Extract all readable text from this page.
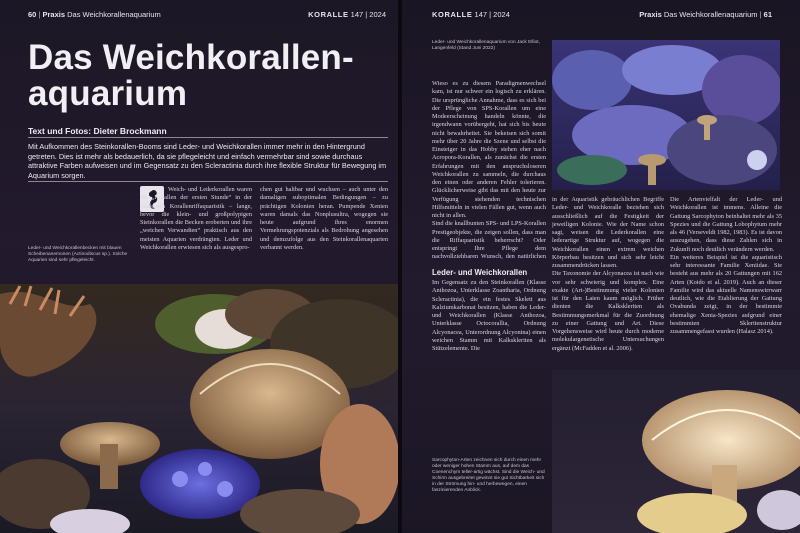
60 | Praxis Das Weichkorallenaquarium	KORALLE 147 | 2024
Das Weichkorallen-
aquarium
Text und Fotos: Dieter Brockmann
Mit Aufkommen des Steinkorallen-Booms sind Leder- und Weichkorallen immer mehr in den Hintergrund getreten. Dies ist mehr als bedauerlich, da sie pflegeleicht und einfach vermehrbar sind sowie durchaus attraktive Farben aufweisen und im Gegensatz zu den Scleractinia durch ihre flexible Struktur für Bewegung im Aquarium sorgen.
Leder- und Weichkorallenbecken mit blauen Scheibenanemonen (Actinodiscus sp.). Solche Aquarien sind sehr pflegeleicht.
Weich- und Lederkorallen waren die „Korallen der ersten Stunde“ in der modernen Korallenriffaquaristik – lange, bevor die klein- und großpolypigen Steinkorallen die Becken eroberten und ihre „weichen Verwandten“ praktisch aus den meisten Aquarien verdrängten. Leder und Weichkorallen erwiesen sich als ausgespro-
chen gut haltbar und wuchsen – auch unter den damaligen suboptimalen Bedingungen – zu prächtigen Kolonien heran. Pumpende Xenien waren damals das Nonplusultra, wogegen sie heute aufgrund ihres enormen Vermehrungspotenzials als Bedrohung angesehen und demzufolge aus den Steinkorallenaquarien verbannt werden.
KORALLE 147 | 2024	Praxis Das Weichkorallenaquarium | 61
Leder- und Weichkorallenaquarium von Jack Elliot, Langenfeld (Stand Juni 2022)
Wieso es zu diesem Paradigmenwechsel kam, ist nur schwer ein logisch zu erklären. Die ursprüngliche Annahme, dass es sich bei der Pflege von SPS-Korallen um eine Modeerscheinung handeln könnte, die irgendwann vorübergeht, hat sich bis heute nicht bewahrheitet. Sie bekeisen sich somit mehr über 20 Jahre die Szene und selbst die Einsteiger in das Hobby stehen eher nach Acropora-Korallen, als zunächst die ersten Erfahrungen mit den anspruchsloseren Weichkorallen zu sammeln, die durchaus den einen oder anderen Fehler tolerieren. Glücklicherweise gibt das mit den heute zur Verfügung stehenden technischen Hilfsmitteln in vielen Fällen gut, wenn auch nicht in allen.
Sind die knallbunten SPS- und LPS-Korallen Prestigeobjekte, die zeigen sollen, dass man die Riffaquaristik beherrscht? Oder entspringt Ihre Pflege dem nachvollziehbaren Wunsch, den natürlichen
Leder- und Weichkorallen
Im Gegensatz zu den Steinkorallen (Klasse Anthozoa, Unterklasse Zoantharia, Ordnung Scleractinia), die ein festes Skelett aus Kalziumkarbonat besitzen, haben die Leder- und Weichkorallen (Klasse Anthozoa, Unterklasse Octocorallia, Ordnung Alcyonacea, Unterordnung Alcyonina) einen weichen Stamm mit Kalkskleriten als Stützelemente. Die
in der Aquaristik gebräuchlichen Begriffe Leder- und Weichkoralle beziehen sich ausschließlich auf die Festigkeit der jeweiligen Kolonie. Wie der Name schon sagt, weisen die Lederkorallen eine lederartige Struktur auf, wogegen die Weichkorallen einen extrem weichen Körperbau besitzen und sich sehr leicht zusammendrücken lassen.
Die Taxonomie der Alcyonacea ist nach wie vor sehr schwierig und komplex. Eine exakte (Art-)Bestimmung vieler Kolonien ist für den Laien kaum möglich. Früher dienten die Kalkskleriten als Bestimmungsmerkmal für die Zuordnung zu einer Gattung und Art. Diese Vorgehensweise wird heute durch moderne molekulargenetische Untersuchungen ergänzt (McFadden et al. 2006).
Die Artenvielfalt der Leder- und Weichkorallen ist immens. Alleine die Gattung Sarcophyton beinhaltet mehr als 35 Spezies und die Gattung Lobophytum mehr als 46 (Verseveldt 1982, 1983). Es ist davon auszugehen, dass diese Zahlen sich in Zukunft noch deutlich verändern werden.
Ein weiteres Beispiel ist die aquaristisch sehr interessante Familie Xeniidae. Sie besteht aus mehr als 20 Gattungen mit 162 Arten (Koido et al. 2019). Auch an dieser Familie wird das aktuelle Namenswirrwarr deutlich, wie die Etablierung der Gattung Ovabunda zeigt, in der bestimmte ehemalige Xenia-Spezies aufgrund einer bestimmten Skleritenstruktur zusammengefasst wurden (Halasz 2014).
Sarcophyton-Arten zeichnen sich durch einen mehr oder weniger hohen Stamm aus, auf dem das Coenenchym teller-artig wächst. Sind die Weich- und Schirm ausgebreitet gewinnt sie gut Sichtbarkeit sich in der Strömung hin- und herbewegen, einen faszinierenden Anblick.
